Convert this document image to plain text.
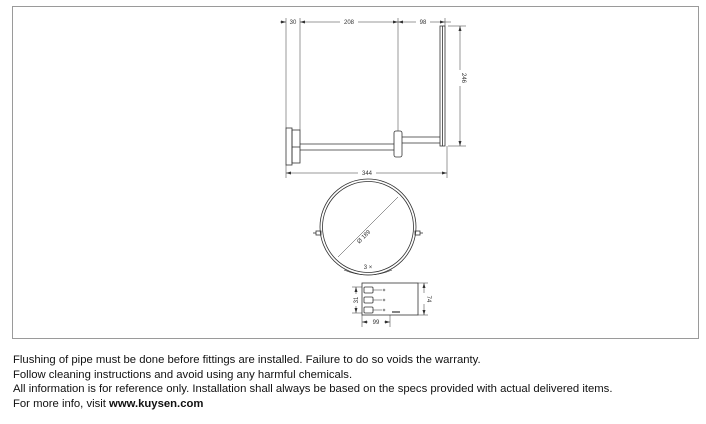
30	208	98
246
344
Ø 189
3 ×
31	74
99

Flushing of pipe must be done before fittings are installed. Failure to do so voids the warranty.

Follow cleaning instructions and avoid using any harmful chemicals.

All information is for reference only. Installation shall always be based on the specs provided with actual delivered items.

For more info, visit www.kuysen.com
